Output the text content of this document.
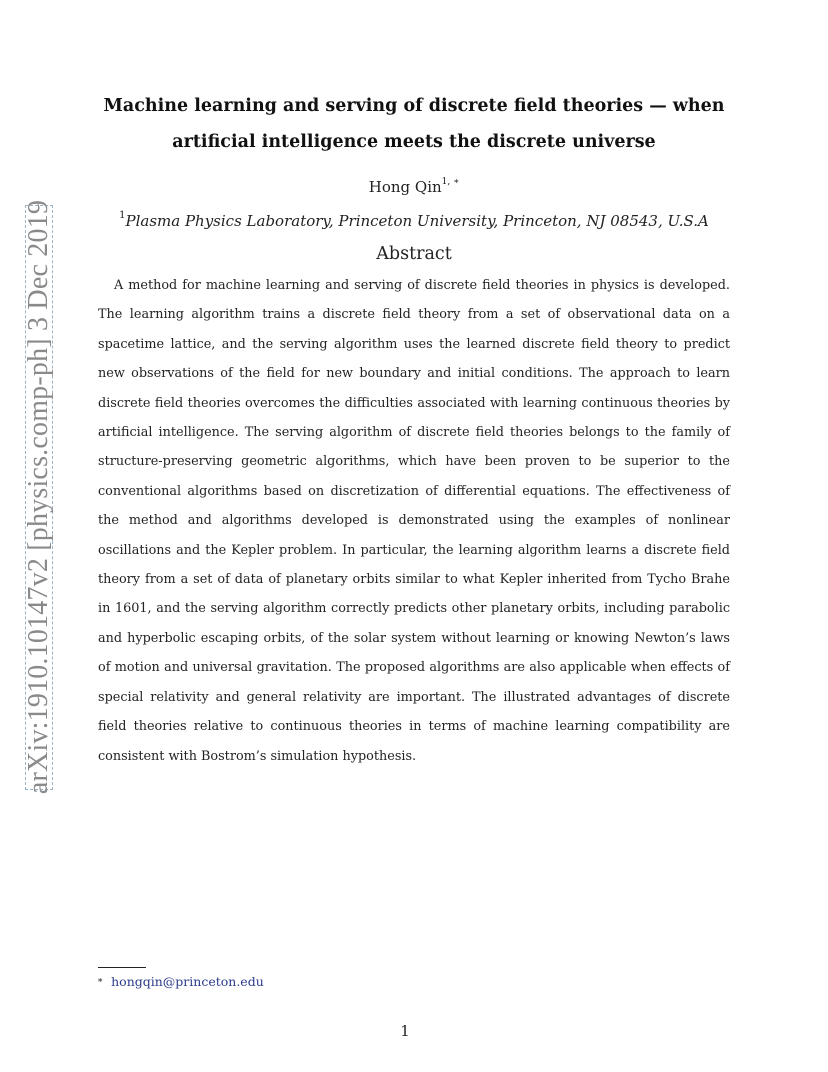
arXiv:1910.10147v2 [physics.comp-ph] 3 Dec 2019
Machine learning and serving of discrete field theories — when artificial intelligence meets the discrete universe
Hong Qin$^{1, ∗}$
$^1$Plasma Physics Laboratory, Princeton University, Princeton, NJ 08543, U.S.A
Abstract

A method for machine learning and serving of discrete field theories in physics is developed. The learning algorithm trains a discrete field theory from a set of observational data on a spacetime lattice, and the serving algorithm uses the learned discrete field theory to predict new observations of the field for new boundary and initial conditions. The approach to learn discrete field theories overcomes the difficulties associated with learning continuous theories by artificial intelligence. The serving algorithm of discrete field theories belongs to the family of structure-preserving geometric algorithms, which have been proven to be superior to the conventional algorithms based on discretization of differential equations. The effectiveness of the method and algorithms developed is demonstrated using the examples of nonlinear oscillations and the Kepler problem. In particular, the learning algorithm learns a discrete field theory from a set of data of planetary orbits similar to what Kepler inherited from Tycho Brahe in 1601, and the serving algorithm correctly predicts other planetary orbits, including parabolic and hyperbolic escaping orbits, of the solar system without learning or knowing Newton’s laws of motion and universal gravitation. The proposed algorithms are also applicable when effects of special relativity and general relativity are important. The illustrated advantages of discrete field theories relative to continuous theories in terms of machine learning compatibility are consistent with Bostrom’s simulation hypothesis.

∗ hongqin@princeton.edu
1
